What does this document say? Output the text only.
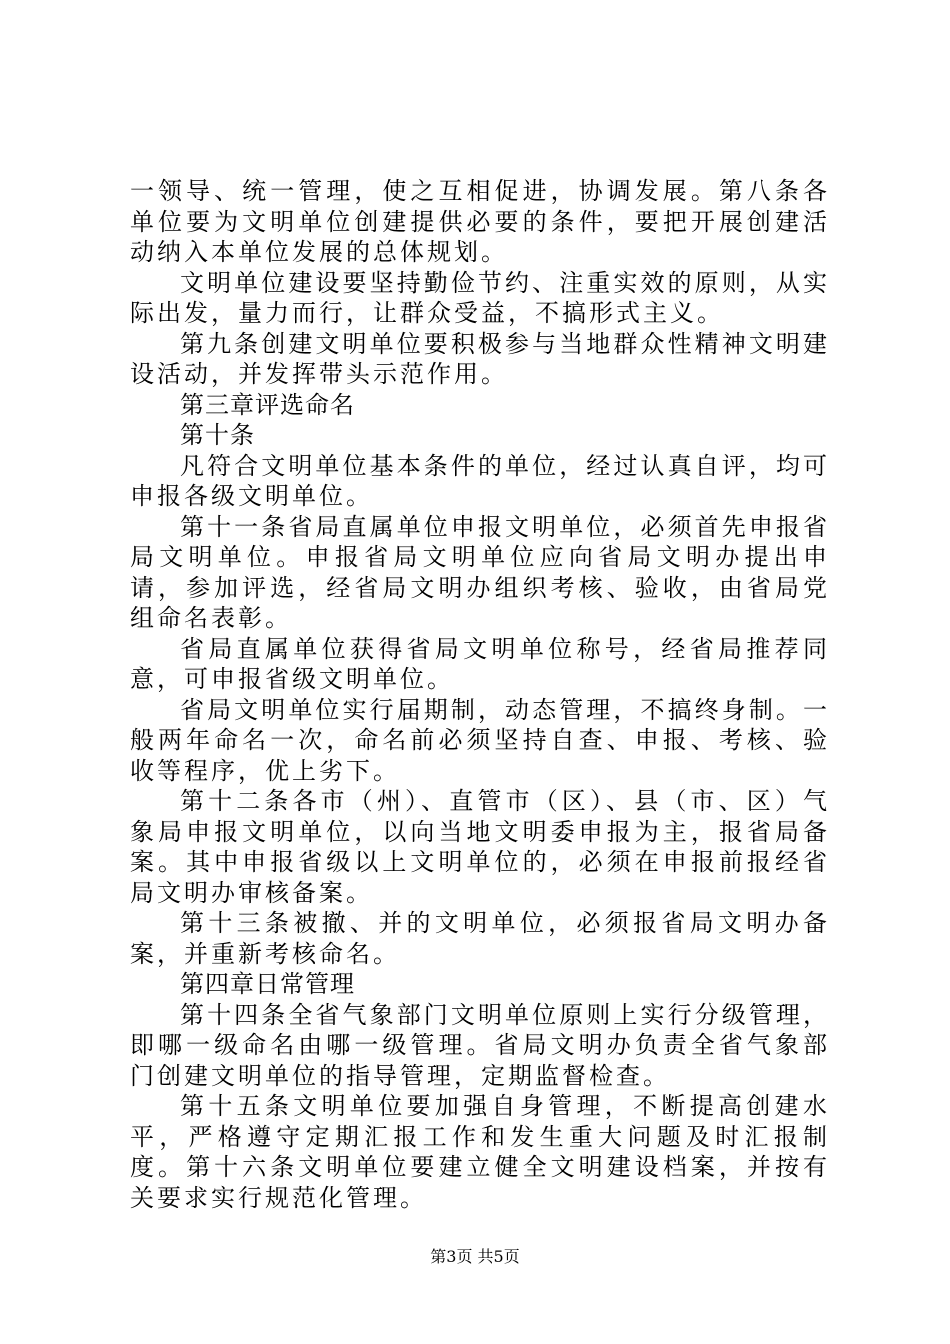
一领导、统一管理，使之互相促进，协调发展。第八条各单位要为文明单位创建提供必要的条件，要把开展创建活动纳入本单位发展的总体规划。

文明单位建设要坚持勤俭节约、注重实效的原则，从实际出发，量力而行，让群众受益，不搞形式主义。

第九条创建文明单位要积极参与当地群众性精神文明建设活动，并发挥带头示范作用。

第三章评选命名

第十条

凡符合文明单位基本条件的单位，经过认真自评，均可申报各级文明单位。

第十一条省局直属单位申报文明单位，必须首先申报省局文明单位。申报省局文明单位应向省局文明办提出申请，参加评选，经省局文明办组织考核、验收，由省局党组命名表彰。

省局直属单位获得省局文明单位称号，经省局推荐同意，可申报省级文明单位。

省局文明单位实行届期制，动态管理，不搞终身制。一般两年命名一次，命名前必须坚持自查、申报、考核、验收等程序，优上劣下。

第十二条各市（州）、直管市（区）、县（市、区）气象局申报文明单位，以向当地文明委申报为主，报省局备案。其中申报省级以上文明单位的，必须在申报前报经省局文明办审核备案。

第十三条被撤、并的文明单位，必须报省局文明办备案，并重新考核命名。

第四章日常管理

第十四条全省气象部门文明单位原则上实行分级管理，即哪一级命名由哪一级管理。省局文明办负责全省气象部门创建文明单位的指导管理，定期监督检查。

第十五条文明单位要加强自身管理，不断提高创建水平，严格遵守定期汇报工作和发生重大问题及时汇报制度。第十六条文明单位要建立健全文明建设档案，并按有关要求实行规范化管理。

第3页 共5页
